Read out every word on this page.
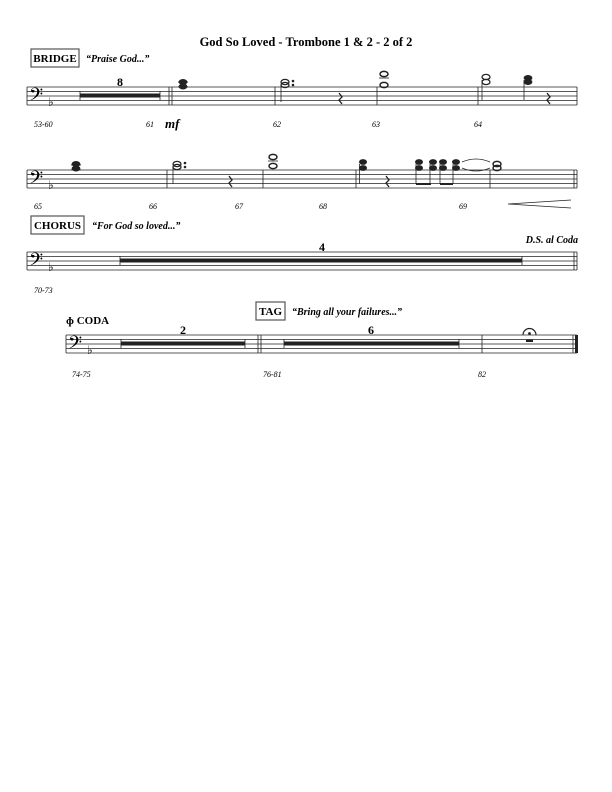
God So Loved - Trombone 1 & 2 - 2 of 2
BRIDGE “Praise God...”
𝄢 ♭
8
53-60	61	62	63	64
mf
𝄢 ♭
65	66	67	68	69
CHORUS “For God so loved...”
D.S. al Coda
𝄢 ♭
4
70-73
TAG “Bring all your failures...”
ɸ CODA
𝄢 ♭
2	6
74-75	76-81	82
